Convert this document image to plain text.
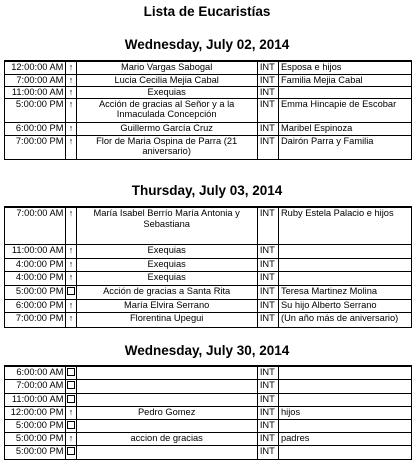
Lista de Eucaristías
Wednesday, July 02, 2014
12:00:00 AM	↑	Mario Vargas Sabogal	INT	Esposa e hijos
7:00:00 AM	↑	Lucia Cecilia Mejia Cabal	INT	Familia Mejia Cabal
11:00:00 AM	↑	Exequias	INT	
5:00:00 PM	↑	Acción de gracias al Señor y a la Inmaculada Concepción	INT	Emma Hincapie de Escobar
6:00:00 PM	↑	Guillermo García Cruz	INT	Maribel Espinoza
7:00:00 PM	↑	Flor de Maria Ospina de Parra (21 aniversario)	INT	Dairón Parra y Familia
Thursday, July 03, 2014
7:00:00 AM	↑	María Isabel Berrío María Antonia y Sebastiana	INT	Ruby Estela Palacio e hijos
11:00:00 AM	↑	Exequias	INT	
4:00:00 PM	↑	Exequias	INT	
4:00:00 PM	↑	Exequias	INT	
5:00:00 PM		Acción de gracias a Santa Rita	INT	Teresa Martinez Molina
6:00:00 PM	↑	María Elvira Serrano	INT	Su hijo Alberto Serrano
7:00:00 PM	↑	Florentina Upegui	INT	(Un año más de aniversario)
Wednesday, July 30, 2014
6:00:00 AM			INT	
7:00:00 AM			INT	
11:00:00 AM			INT	
12:00:00 PM	↑	Pedro Gomez	INT	hijos
5:00:00 PM			INT	
5:00:00 PM	↑	accion de gracias	INT	padres
5:00:00 PM			INT	
